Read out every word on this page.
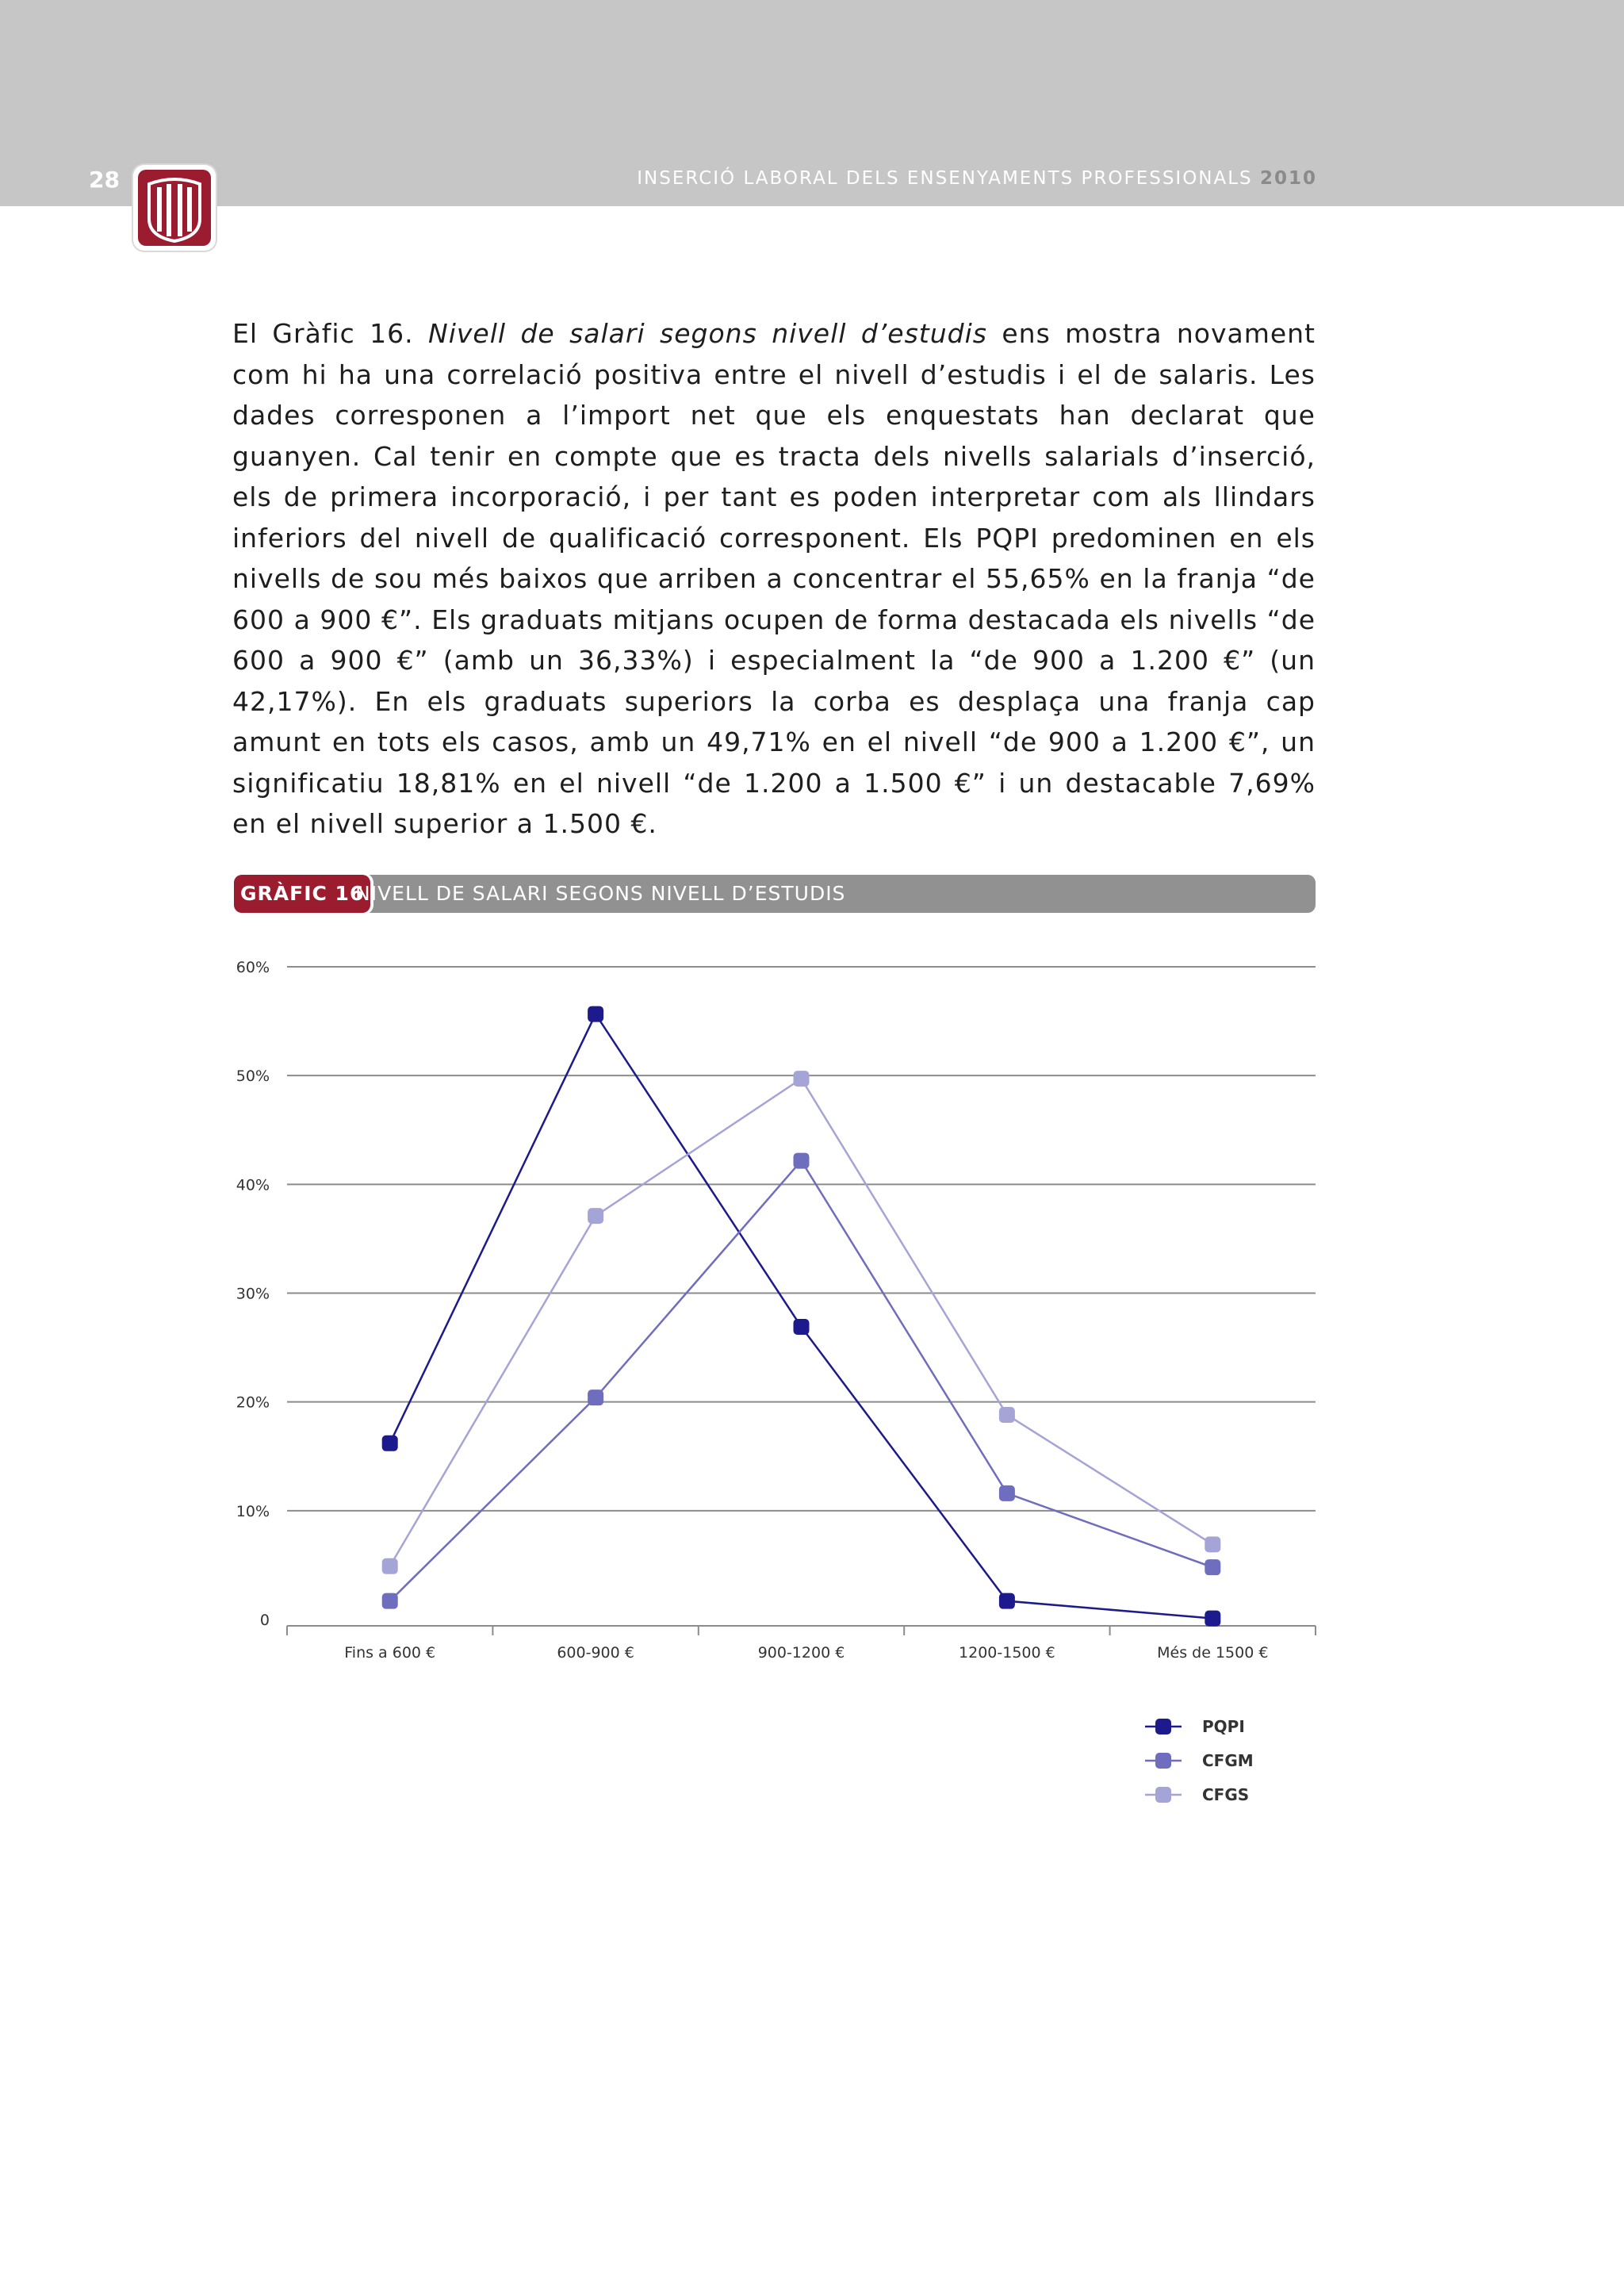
28	INSERCIÓ LABORAL DELS ENSENYAMENTS PROFESSIONALS 2010

El Gràfic 16. Nivell de salari segons nivell d’estudis ens mostra novament com hi ha una correlació positiva entre el nivell d’estudis i el de salaris. Les dades corresponen a l’import net que els enquestats han declarat que guanyen. Cal tenir en compte que es tracta dels nivells salarials d’inserció, els de primera incorporació, i per tant es poden interpretar com als llindars inferiors del nivell de qualificació corresponent. Els PQPI predominen en els nivells de sou més baixos que arriben a concentrar el 55,65% en la franja “de 600 a 900 €”. Els graduats mitjans ocupen de forma destacada els nivells “de 600 a 900 €” (amb un 36,33%) i especialment la “de 900 a 1.200 €” (un 42,17%). En els graduats superiors la corba es desplaça una franja cap amunt en tots els casos, amb un 49,71% en el nivell “de 900 a 1.200 €”, un significatiu 18,81% en el nivell “de 1.200 a 1.500 €” i un destacable 7,69% en el nivell superior a 1.500 €.

GRÀFIC 16
NIVELL DE SALARI SEGONS NIVELL D’ESTUDIS
0
10%
20%
30%
40%
50%
60%
Fins a 600 €	600-900 €	900-1200 €	1200-1500 €	Més de 1500 €
PQPI
CFGM
CFGS
